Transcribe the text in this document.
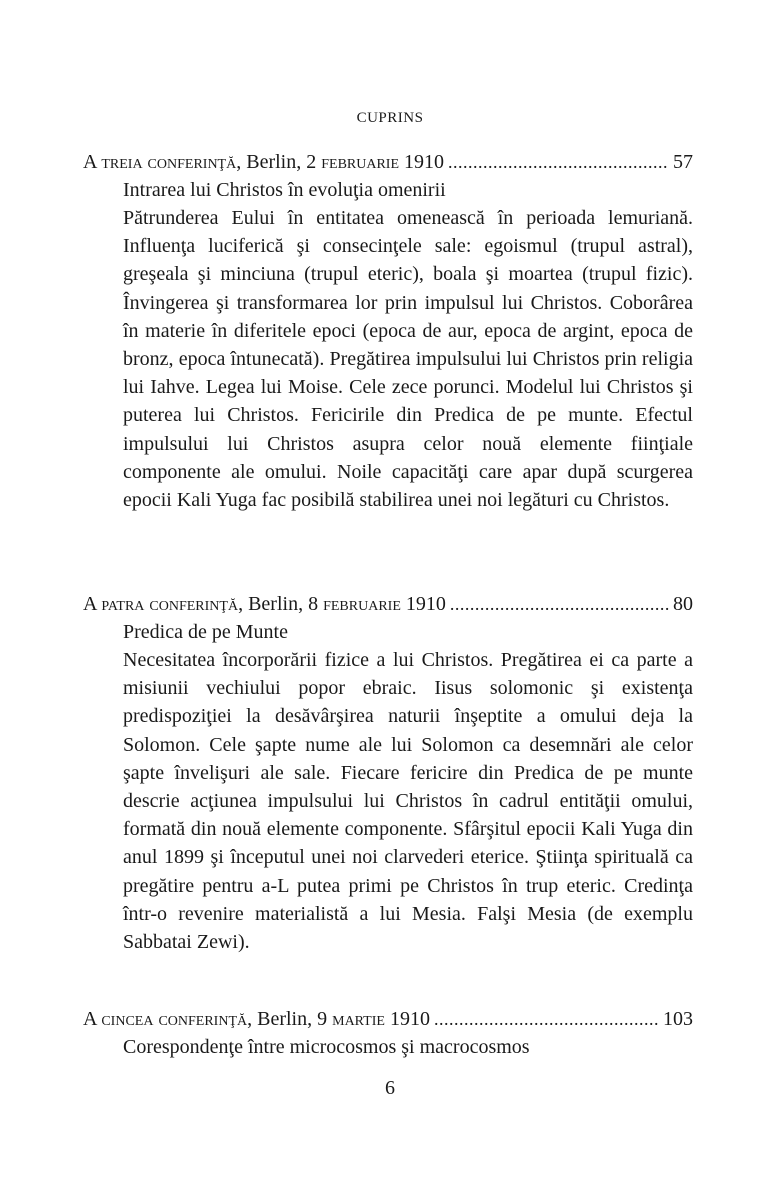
CUPRINS
A treia conferinţă, Berlin, 2 februarie 1910 .....	57
Intrarea lui Christos în evoluţia omenirii
Pătrunderea Eului în entitatea omenească în perioada lemuriană. Influenţa luciferică şi consecinţele sale: egoismul (trupul astral), greşeala şi minciuna (trupul eteric), boala şi moartea (trupul fizic). Învingerea şi transformarea lor prin impulsul lui Christos. Coborârea în materie în diferitele epoci (epoca de aur, epoca de argint, epoca de bronz, epoca întunecată). Pregătirea impulsului lui Christos prin religia lui Iahve. Legea lui Moise. Cele zece porunci. Modelul lui Christos şi puterea lui Christos. Fericirile din Predica de pe munte. Efectul impulsului lui Christos asupra celor nouă elemente fiinţiale componente ale omului. Noile capacităţi care apar după scurgerea epocii Kali Yuga fac posibilă stabilirea unei noi legături cu Christos.
A patra conferinţă, Berlin, 8 februarie 1910 .....	80
Predica de pe Munte
Necesitatea încorporării fizice a lui Christos. Pregătirea ei ca parte a misiunii vechiului popor ebraic. Iisus solomonic şi existenţa predispoziţiei la desăvârşirea naturii înşeptite a omului deja la Solomon. Cele şapte nume ale lui Solomon ca desemnări ale celor şapte învelişuri ale sale. Fiecare fericire din Predica de pe munte descrie acţiunea impulsului lui Christos în cadrul entităţii omului, formată din nouă elemente componente. Sfârşitul epocii Kali Yuga din anul 1899 şi începutul unei noi clarvederi eterice. Ştiinţa spirituală ca pregătire pentru a-L putea primi pe Christos în trup eteric. Credinţa într-o revenire materialistă a lui Mesia. Falşi Mesia (de exemplu Sabbatai Zewi).
A cincea conferinţă, Berlin, 9 martie 1910 .....	103
Corespondenţe între microcosmos şi macrocosmos
6
